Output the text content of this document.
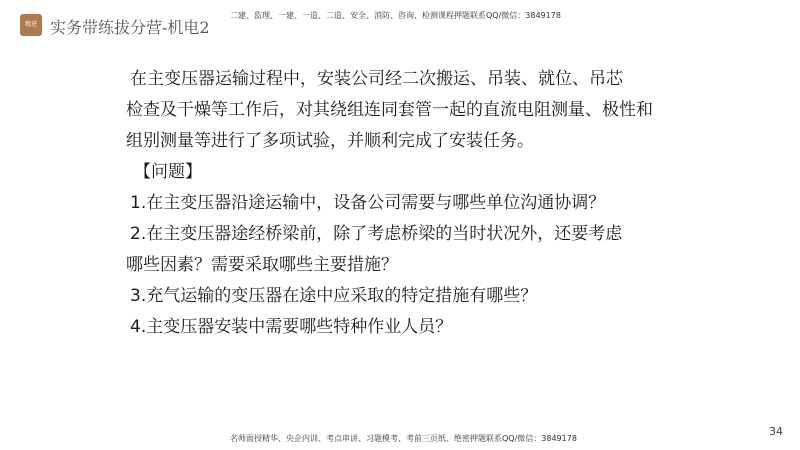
精进 实务带练拔分营-机电2
二建、监理、一建、一造、二造、安全、消防、咨询、检测课程押题联系QQ/微信：3849178

在主变压器运输过程中，安装公司经二次搬运、吊装、就位、吊芯

检查及干燥等工作后，对其绕组连同套管一起的直流电阻测量、极性和

组别测量等进行了多项试验，并顺利完成了安装任务。

【问题】

1.在主变压器沿途运输中，设备公司需要与哪些单位沟通协调？

2.在主变压器途经桥梁前，除了考虑桥梁的当时状况外，还要考虑

哪些因素？需要采取哪些主要措施？

3.充气运输的变压器在途中应采取的特定措施有哪些？

4.主变压器安装中需要哪些特种作业人员？

名师面授精华、央企内训、考点串讲、习题模考、考前三页纸、绝密押题联系QQ/微信：3849178
34
